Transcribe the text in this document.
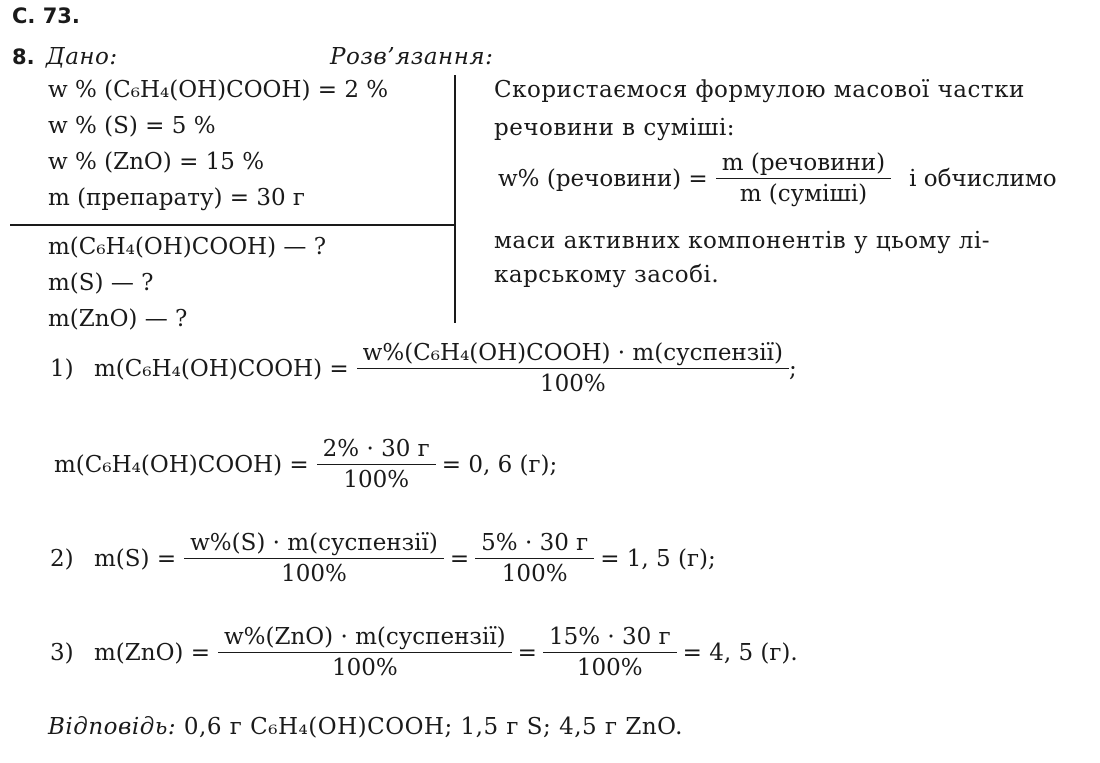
С. 73.
8. Дано:	Розв’язання:
w % (C₆H₄(OH)COOH) = 2 %
w % (S) = 5 %
w % (ZnO) = 15 %
m (препарату) = 30 г
m(C₆H₄(OH)COOH) — ?
m(S) — ?
m(ZnO) — ?
Скористаємося формулою масової частки
речовини в суміші:
w% (речовини) = $\frac{\text{m (речовини)}}{\text{m (суміші)}}$ і обчислимо
маси активних компонентів у цьому лі-
карському засобі.
1) m(C₆H₄(OH)COOH) = $\frac{\text{w\%(C₆H₄(OH)COOH) · m(суспензії)}}{100\%}$ ;
m(C₆H₄(OH)COOH) = $\frac{2\% \cdot 30 г}{100\%} = 0$, 6 (г);
2) $m(S) = \frac{\text{w\%(S) · m(суспензії)}}{100\%} = \frac{5\% \cdot 30 г}{100\%} = 1$, 5 (г);
3) $m(ZnO) = \frac{\text{w\%(ZnO) · m(суспензії)}}{100\%} = \frac{15\% \cdot 30 г}{100\%} = 4$, 5 (г).
Відповідь: 0,6 г C₆H₄(OH)COOH; 1,5 г S; 4,5 г ZnO.
